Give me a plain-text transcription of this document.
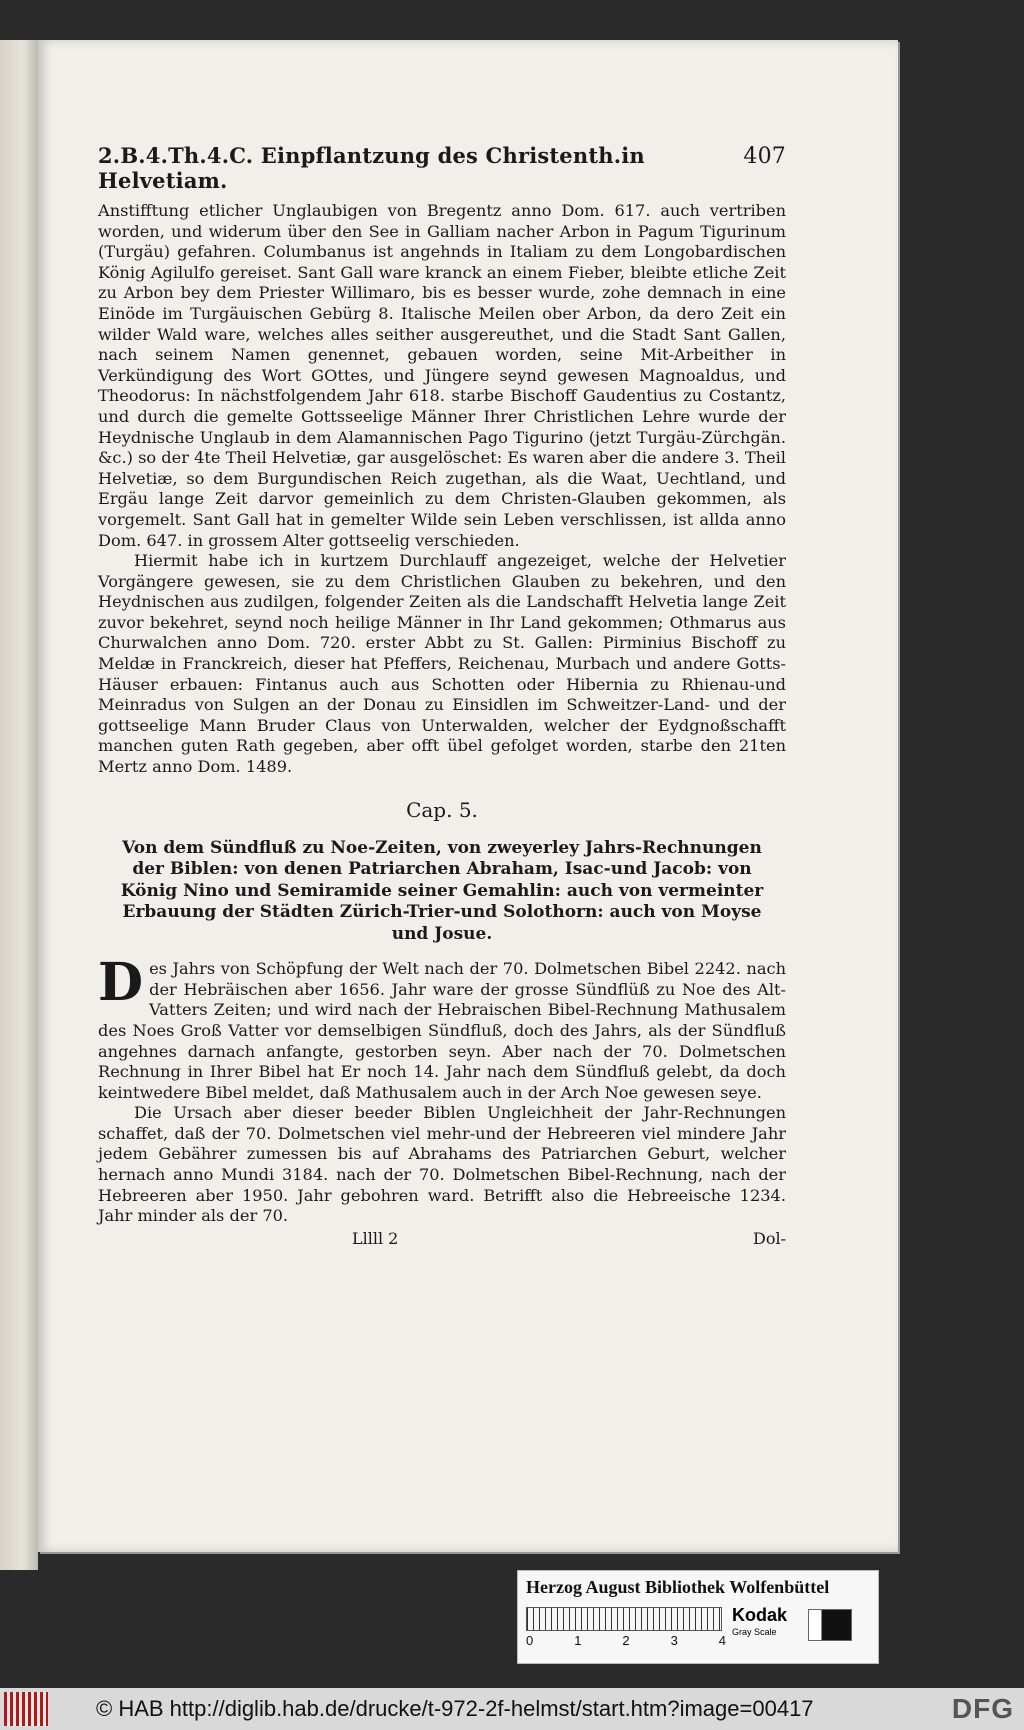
2.B.4.Th.4.C. Einpflantzung des Christenth.in Helvetiam.
407

Anstifftung etlicher Unglaubigen von Bregentz anno Dom. 617. auch vertriben worden, und widerum über den See in Galliam nacher Arbon in Pagum Tigurinum (Turgäu) gefahren. Columbanus ist angehnds in Italiam zu dem Longobardischen König Agilulfo gereiset. Sant Gall ware kranck an einem Fieber, bleibte etliche Zeit zu Arbon bey dem Priester Willimaro, bis es besser wurde, zohe demnach in eine Einöde im Turgäuischen Gebürg 8. Italische Meilen ober Arbon, da dero Zeit ein wilder Wald ware, welches alles seither ausgereuthet, und die Stadt Sant Gallen, nach seinem Namen genennet, gebauen worden, seine Mit-Arbeither in Verkündigung des Wort GOttes, und Jüngere seynd gewesen Magnoaldus, und Theodorus: In nächstfolgendem Jahr 618. starbe Bischoff Gaudentius zu Costantz, und durch die gemelte Gottsseelige Männer Ihrer Christlichen Lehre wurde der Heydnische Unglaub in dem Alamannischen Pago Tigurino (jetzt Turgäu-Zürchgän. &c.) so der 4te Theil Helvetiæ, gar ausgelöschet: Es waren aber die andere 3. Theil Helvetiæ, so dem Burgundischen Reich zugethan, als die Waat, Uechtland, und Ergäu lange Zeit darvor gemeinlich zu dem Christen-Glauben gekommen, als vorgemelt. Sant Gall hat in gemelter Wilde sein Leben verschlissen, ist allda anno Dom. 647. in grossem Alter gottseelig verschieden.

Hiermit habe ich in kurtzem Durchlauff angezeiget, welche der Helvetier Vorgängere gewesen, sie zu dem Christlichen Glauben zu bekehren, und den Heydnischen aus zudilgen, folgender Zeiten als die Landschafft Helvetia lange Zeit zuvor bekehret, seynd noch heilige Männer in Ihr Land gekommen; Othmarus aus Churwalchen anno Dom. 720. erster Abbt zu St. Gallen: Pirminius Bischoff zu Meldæ in Franckreich, dieser hat Pfeffers, Reichenau, Murbach und andere Gotts-Häuser erbauen: Fintanus auch aus Schotten oder Hibernia zu Rhienau-und Meinradus von Sulgen an der Donau zu Einsidlen im Schweitzer-Land- und der gottseelige Mann Bruder Claus von Unterwalden, welcher der Eydgnoßschafft manchen guten Rath gegeben, aber offt übel gefolget worden, starbe den 21ten Mertz anno Dom. 1489.

Cap. 5.
Von dem Sündfluß zu Noe-Zeiten, von zweyerley Jahrs-Rechnungen der Biblen: von denen Patriarchen Abraham, Isac-und Jacob: von König Nino und Semiramide seiner Gemahlin: auch von vermeinter Erbauung der Städten Zürich-Trier-und Solothorn: auch von Moyse und Josue.

Des Jahrs von Schöpfung der Welt nach der 70. Dolmetschen Bibel 2242. nach der Hebräischen aber 1656. Jahr ware der grosse Sündflüß zu Noe des Alt-Vatters Zeiten; und wird nach der Hebraischen Bibel-Rechnung Mathusalem des Noes Groß Vatter vor demselbigen Sündfluß, doch des Jahrs, als der Sündfluß angehnes darnach anfangte, gestorben seyn. Aber nach der 70. Dolmetschen Rechnung in Ihrer Bibel hat Er noch 14. Jahr nach dem Sündfluß gelebt, da doch keintwedere Bibel meldet, daß Mathusalem auch in der Arch Noe gewesen seye.

Die Ursach aber dieser beeder Biblen Ungleichheit der Jahr-Rechnungen schaffet, daß der 70. Dolmetschen viel mehr-und der Hebreeren viel mindere Jahr jedem Gebährer zumessen bis auf Abrahams des Patriarchen Geburt, welcher hernach anno Mundi 3184. nach der 70. Dolmetschen Bibel-Rechnung, nach der Hebreeren aber 1950. Jahr gebohren ward. Betrifft also die Hebreeische 1234. Jahr minder als der 70.

Lllll 2	Dol-
Herzog August Bibliothek Wolfenbüttel
0	1	2	3	4
Kodak
Gray Scale
© HAB http://diglib.hab.de/drucke/t-972-2f-helmst/start.htm?image=00417	DFG
